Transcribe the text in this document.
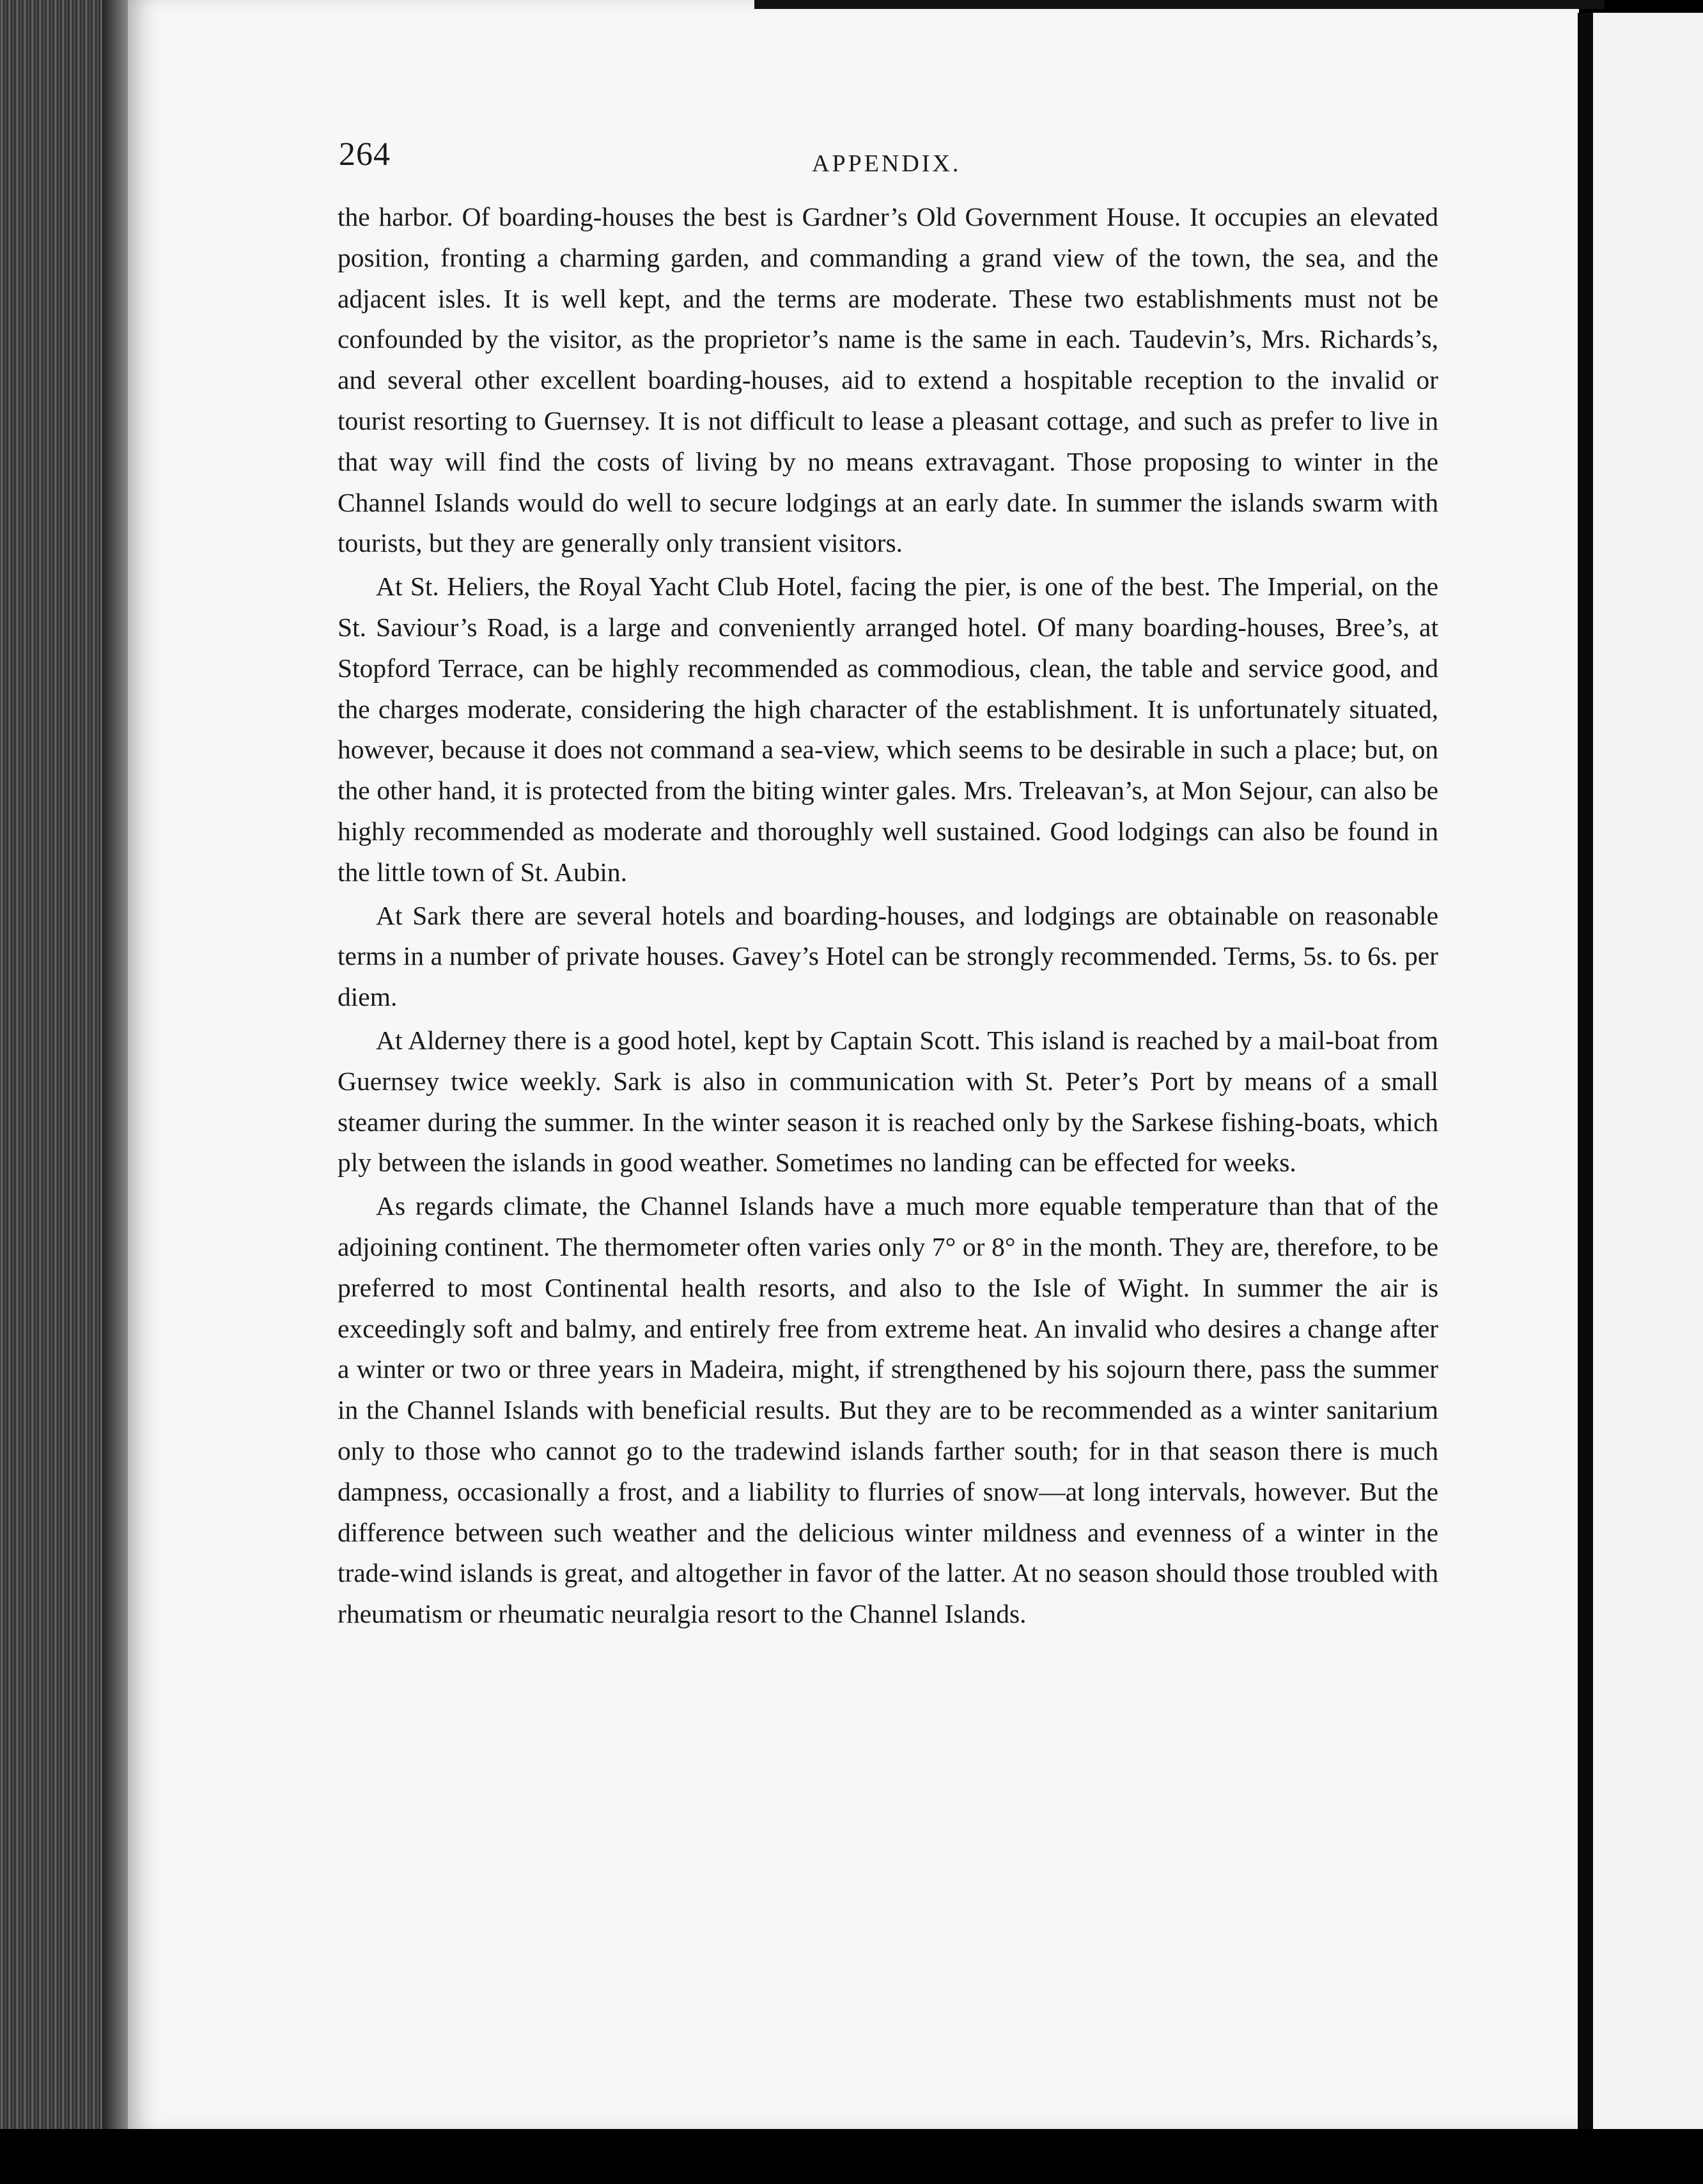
264	APPENDIX.

the harbor. Of boarding-houses the best is Gardner’s Old Government House. It occupies an elevated position, fronting a charming garden, and commanding a grand view of the town, the sea, and the adjacent isles. It is well kept, and the terms are moderate. These two establishments must not be confounded by the visitor, as the proprietor’s name is the same in each. Taudevin’s, Mrs. Richards’s, and several other excellent boarding-houses, aid to extend a hospitable reception to the invalid or tourist resorting to Guernsey. It is not difficult to lease a pleasant cottage, and such as prefer to live in that way will find the costs of living by no means extravagant. Those proposing to winter in the Channel Islands would do well to secure lodgings at an early date. In summer the islands swarm with tourists, but they are generally only transient visitors.

At St. Heliers, the Royal Yacht Club Hotel, facing the pier, is one of the best. The Imperial, on the St. Saviour’s Road, is a large and conveniently arranged hotel. Of many boarding-houses, Bree’s, at Stopford Terrace, can be highly recommended as commodious, clean, the table and service good, and the charges moderate, considering the high character of the establishment. It is unfortunately situated, however, because it does not command a sea-view, which seems to be desirable in such a place; but, on the other hand, it is protected from the biting winter gales. Mrs. Treleavan’s, at Mon Sejour, can also be highly recommended as moderate and thoroughly well sustained. Good lodgings can also be found in the little town of St. Aubin.

At Sark there are several hotels and boarding-houses, and lodgings are obtainable on reasonable terms in a number of private houses. Gavey’s Hotel can be strongly recommended. Terms, 5s. to 6s. per diem.

At Alderney there is a good hotel, kept by Captain Scott. This island is reached by a mail-boat from Guernsey twice weekly. Sark is also in communication with St. Peter’s Port by means of a small steamer during the summer. In the winter season it is reached only by the Sarkese fishing-boats, which ply between the islands in good weather. Sometimes no landing can be effected for weeks.

As regards climate, the Channel Islands have a much more equable temperature than that of the adjoining continent. The thermometer often varies only 7° or 8° in the month. They are, therefore, to be preferred to most Continental health resorts, and also to the Isle of Wight. In summer the air is exceedingly soft and balmy, and entirely free from extreme heat. An invalid who desires a change after a winter or two or three years in Madeira, might, if strengthened by his sojourn there, pass the summer in the Channel Islands with beneficial results. But they are to be recommended as a winter sanitarium only to those who cannot go to the tradewind islands farther south; for in that season there is much dampness, occasionally a frost, and a liability to flurries of snow—at long intervals, however. But the difference between such weather and the delicious winter mildness and evenness of a winter in the trade-wind islands is great, and altogether in favor of the latter. At no season should those troubled with rheumatism or rheumatic neuralgia resort to the Channel Islands.
